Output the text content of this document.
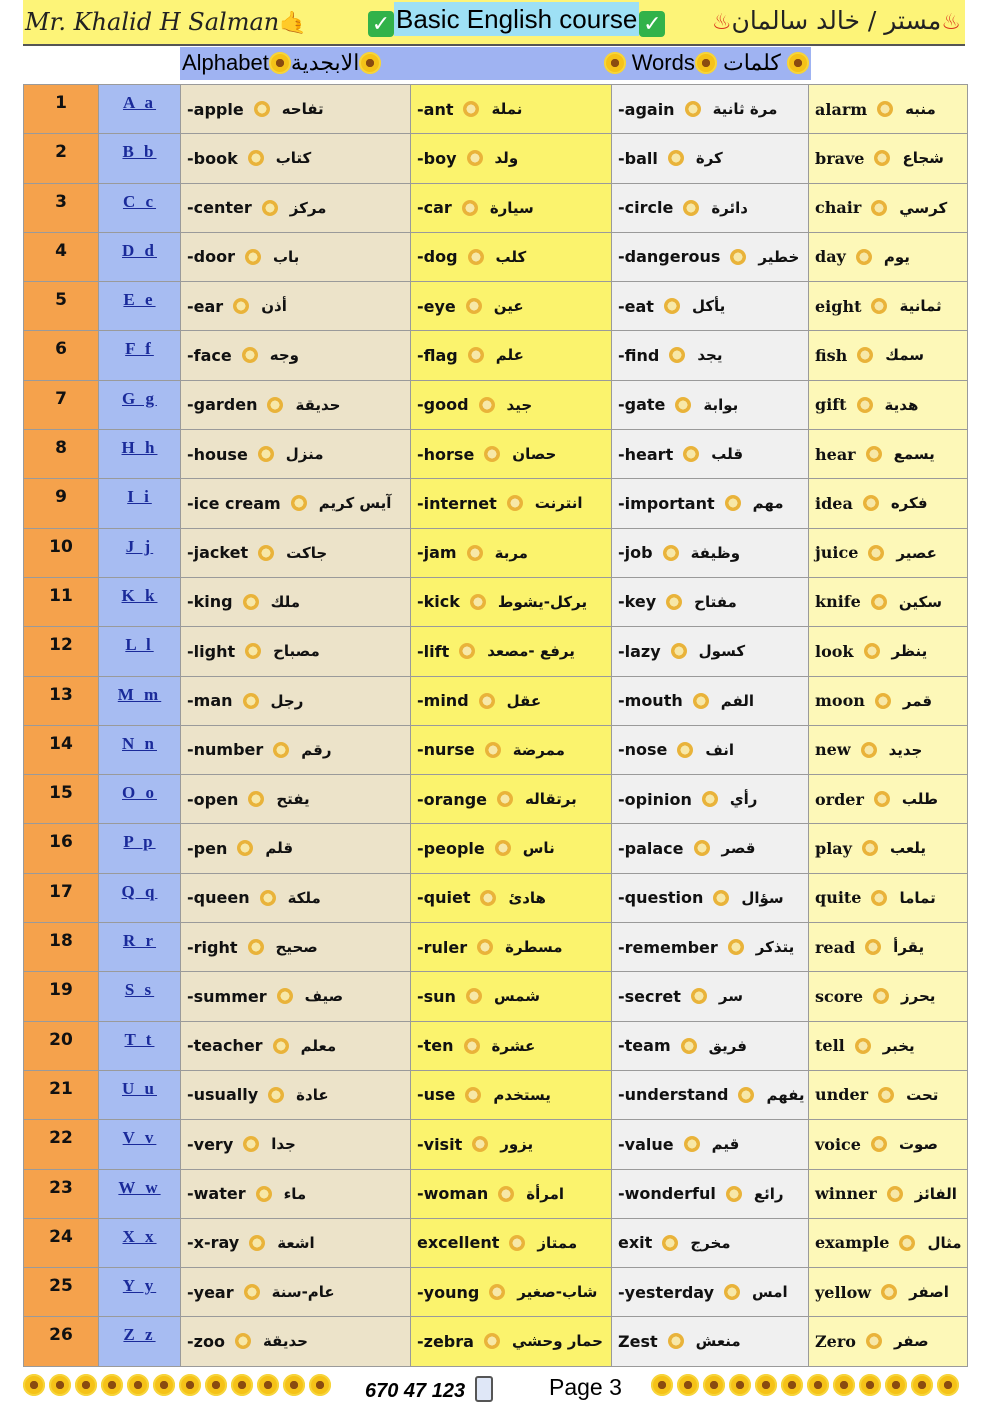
Mr. Khalid H Salman🤙	✓ Basic English course ✓	♨مستر / خالد سالمان♨
Alphabet الابجدية	Words كلمات
1	A a	-apple تفاحه	-ant نملة	-again مرة ثانية	alarm منبه

2	B b	-book كتاب	-boy ولد	-ball كرة	brave شجاع

3	C c	-center مركز	-car سيارة	-circle دائرة	chair كرسي

4	D d	-door باب	-dog كلب	-dangerous خطير	day يوم

5	E e	-ear أذن	-eye عين	-eat يأكل	eight ثمانية

6	F f	-face وجه	-flag علم	-find يجد	fish سمك

7	G g	-garden حديقة	-good جيد	-gate بوابة	gift هدية

8	H h	-house منزل	-horse حصان	-heart قلب	hear يسمع

9	I i	-ice cream آيس كريم	-internet انترنت	-important مهم	idea فكره

10	J j	-jacket جاكت	-jam مربة	-job وظيفة	juice عصير

11	K k	-king ملك	-kick يركل-يشوط	-key مفتاح	knife سكين

12	L l	-light مصباح	-lift يرفع -مصعد	-lazy كسول	look ينظر

13	M m	-man رجل	-mind عقل	-mouth الفم	moon قمر

14	N n	-number رقم	-nurse ممرضة	-nose انف	new جديد

15	O o	-open يفتح	-orange برتقاله	-opinion رأي	order طلب

16	P p	-pen قلم	-people ناس	-palace قصر	play يلعب

17	Q q	-queen ملكة	-quiet هادئ	-question سؤال	quite تماما

18	R r	-right صحيح	-ruler مسطرة	-remember يتذكر	read يقرأ

19	S s	-summer صيف	-sun شمس	-secret سر	score يحرز

20	T t	-teacher معلم	-ten عشرة	-team فريق	tell يخبر

21	U u	-usually عادة	-use يستخدم	-understand يفهم	under تحت

22	V v	-very جدا	-visit يزور	-value قيم	voice صوت

23	W w	-water ماء	-woman امرأة	-wonderful رائع	winner الفائز

24	X x	-x-ray اشعة	excellent ممتاز	exit مخرج	example مثال

25	Y y	-year عام-سنة	-young شاب-صغير	-yesterday امس	yellow اصفر

26	Z z	-zoo حديقة	-zebra حمار وحشي	Zest منعش	Zero صفر
670 47 123	Page 3
